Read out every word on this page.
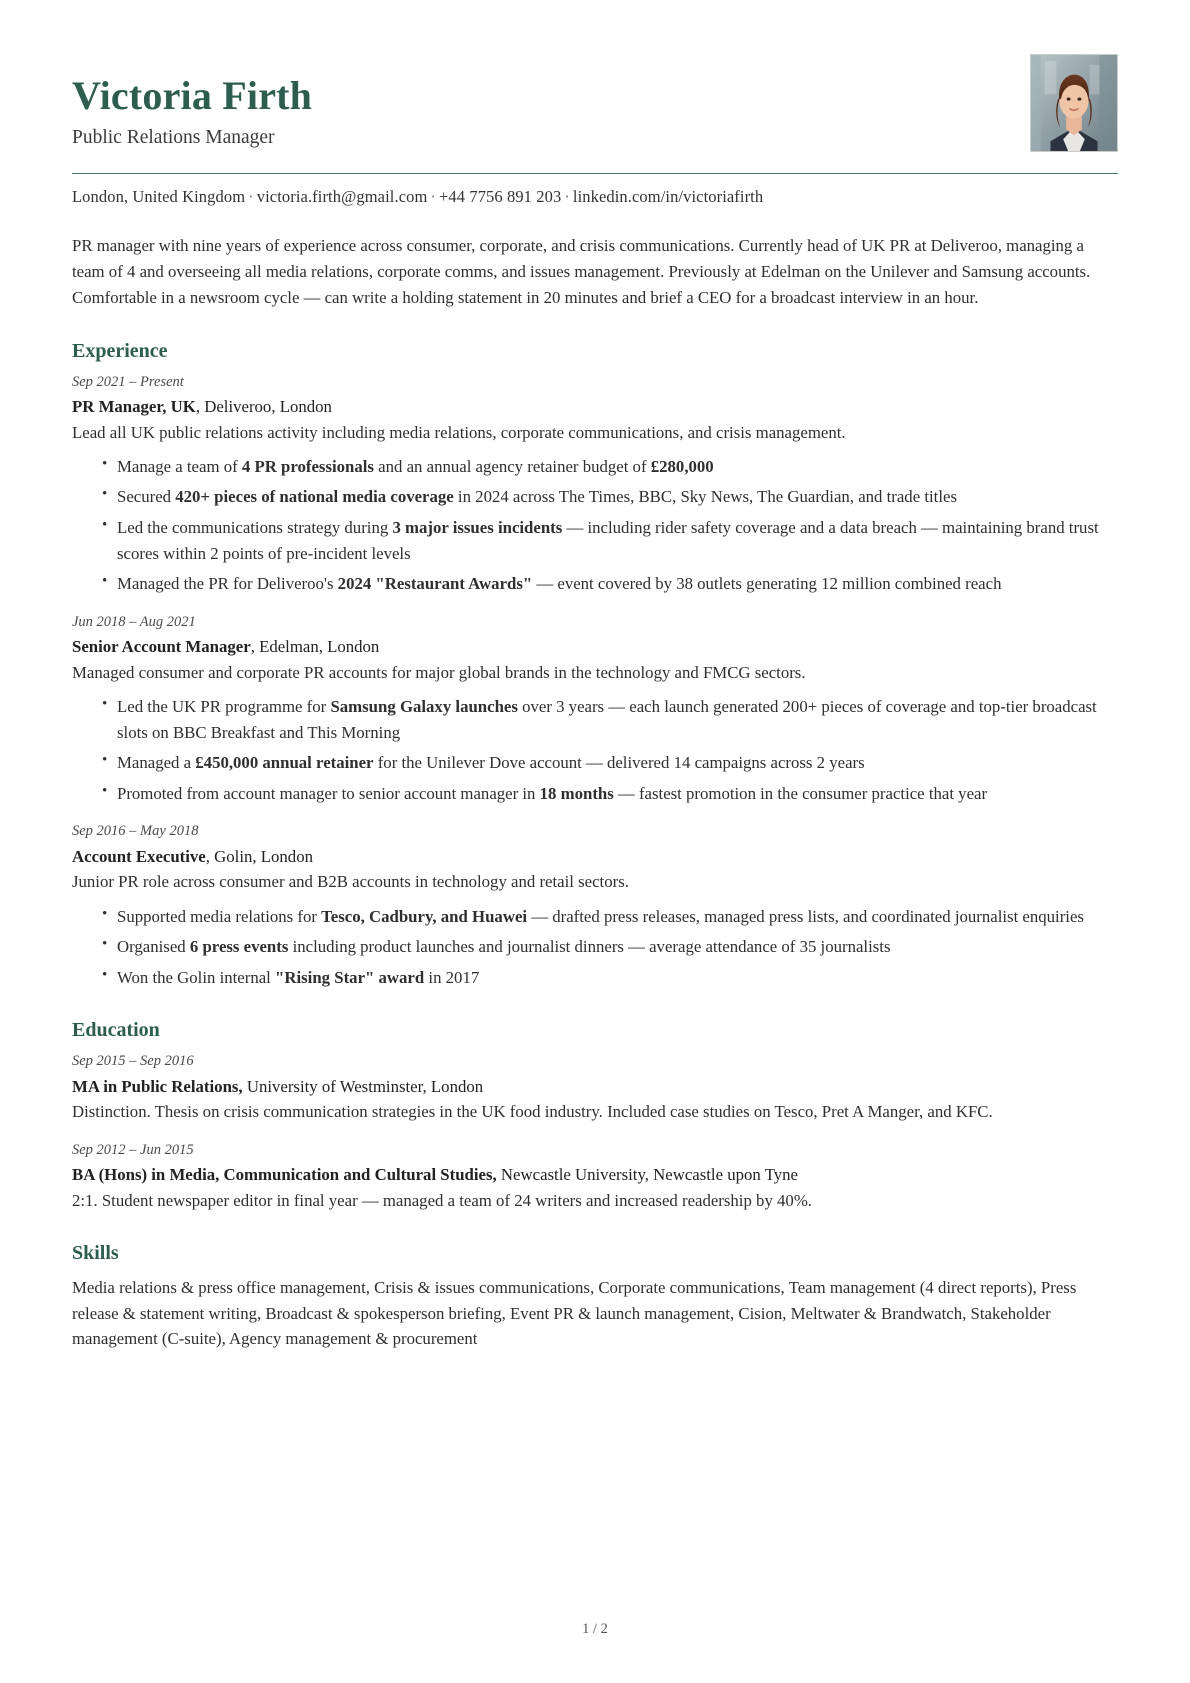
Victoria Firth
Public Relations Manager
London, United Kingdom · victoria.firth@gmail.com · +44 7756 891 203 · linkedin.com/in/victoriafirth
PR manager with nine years of experience across consumer, corporate, and crisis communications. Currently head of UK PR at Deliveroo, managing a team of 4 and overseeing all media relations, corporate comms, and issues management. Previously at Edelman on the Unilever and Samsung accounts. Comfortable in a newsroom cycle — can write a holding statement in 20 minutes and brief a CEO for a broadcast interview in an hour.
Experience
Sep 2021 – Present
PR Manager, UK, Deliveroo, London
Lead all UK public relations activity including media relations, corporate communications, and crisis management.
• Manage a team of 4 PR professionals and an annual agency retainer budget of £280,000
• Secured 420+ pieces of national media coverage in 2024 across The Times, BBC, Sky News, The Guardian, and trade titles
• Led the communications strategy during 3 major issues incidents — including rider safety coverage and a data breach — maintaining brand trust scores within 2 points of pre-incident levels
• Managed the PR for Deliveroo's 2024 "Restaurant Awards" — event covered by 38 outlets generating 12 million combined reach
Jun 2018 – Aug 2021
Senior Account Manager, Edelman, London
Managed consumer and corporate PR accounts for major global brands in the technology and FMCG sectors.
• Led the UK PR programme for Samsung Galaxy launches over 3 years — each launch generated 200+ pieces of coverage and top-tier broadcast slots on BBC Breakfast and This Morning
• Managed a £450,000 annual retainer for the Unilever Dove account — delivered 14 campaigns across 2 years
• Promoted from account manager to senior account manager in 18 months — fastest promotion in the consumer practice that year
Sep 2016 – May 2018
Account Executive, Golin, London
Junior PR role across consumer and B2B accounts in technology and retail sectors.
• Supported media relations for Tesco, Cadbury, and Huawei — drafted press releases, managed press lists, and coordinated journalist enquiries
• Organised 6 press events including product launches and journalist dinners — average attendance of 35 journalists
• Won the Golin internal "Rising Star" award in 2017
Education
Sep 2015 – Sep 2016
MA in Public Relations, University of Westminster, London
Distinction. Thesis on crisis communication strategies in the UK food industry. Included case studies on Tesco, Pret A Manger, and KFC.
Sep 2012 – Jun 2015
BA (Hons) in Media, Communication and Cultural Studies, Newcastle University, Newcastle upon Tyne
2:1. Student newspaper editor in final year — managed a team of 24 writers and increased readership by 40%.
Skills
Media relations & press office management, Crisis & issues communications, Corporate communications, Team management (4 direct reports), Press release & statement writing, Broadcast & spokesperson briefing, Event PR & launch management, Cision, Meltwater & Brandwatch, Stakeholder management (C-suite), Agency management & procurement
1 / 2
